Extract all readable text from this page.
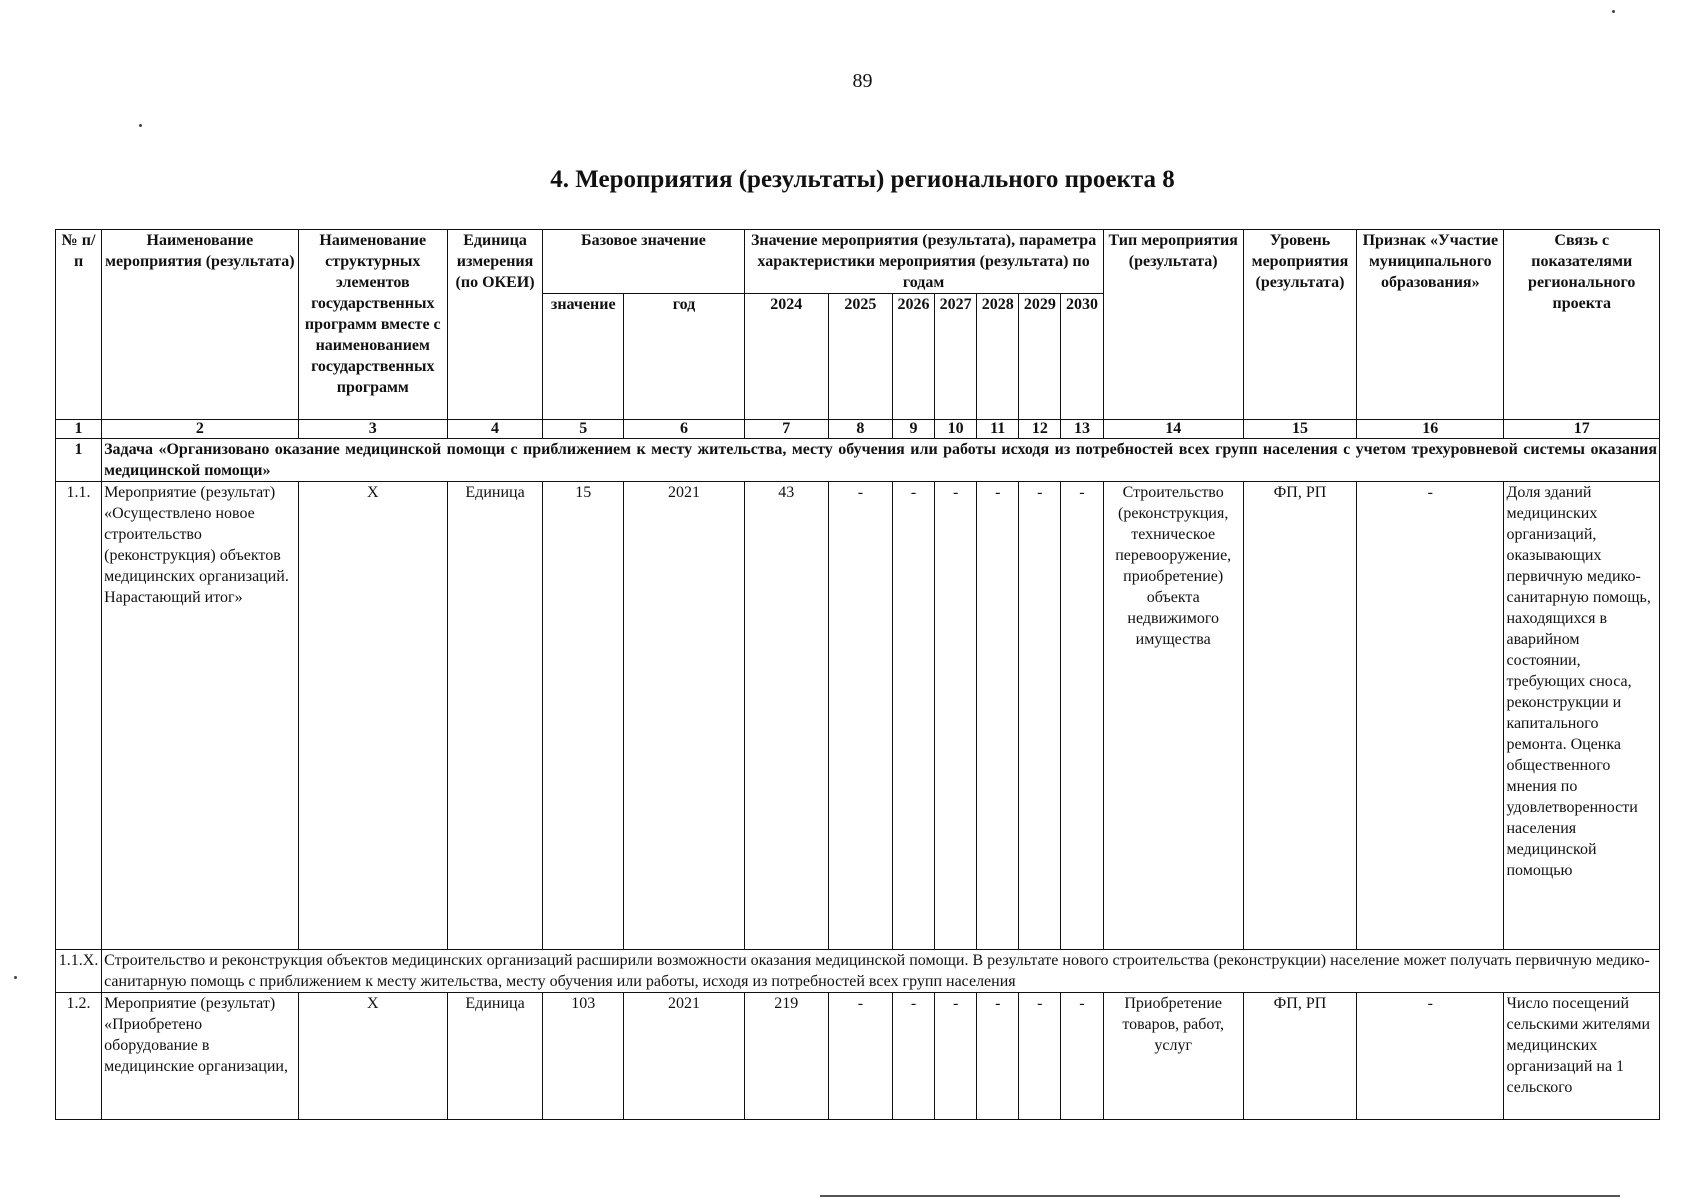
89
4. Мероприятия (результаты) регионального проекта 8
№ п/п	Наименование мероприятия (результата)	Наименование структурных элементов государственных программ вместе с наименованием государственных программ	Единица измерения (по ОКЕИ)	Базовое значение		Значение мероприятия (результата), параметра характеристики мероприятия (результата) по годам							Тип мероприятия (результата)	Уровень мероприятия (результата)	Признак «Участие муниципального образования»	Связь с показателями регионального проекта
				значение	год	2024	2025	2026	2027	2028	2029	2030				
1	2	3	4	5	6	7	8	9	10	11	12	13	14	15	16	17
1	Задача «Организовано оказание медицинской помощи с приближением к месту жительства, месту обучения или работы исходя из потребностей всех групп населения с учетом трехуровневой системы оказания медицинской помощи»															
1.1.	Мероприятие (результат) «Осуществлено новое строительство (реконструкция) объектов медицинских организаций. Нарастающий итог»	Х	Единица	15	2021	43	-	-	-	-	-	-	Строительство (реконструкция, техническое перевооружение, приобретение) объекта недвижимого имущества	ФП, РП	-	Доля зданий медицинских организаций, оказывающих первичную медико-санитарную помощь, находящихся в аварийном состоянии, требующих сноса, реконструкции и капитального ремонта. Оценка общественного мнения по удовлетворенности населения медицинской помощью
1.1.Х.	Строительство и реконструкция объектов медицинских организаций расширили возможности оказания медицинской помощи. В результате нового строительства (реконструкции) население может получать первичную медико-санитарную помощь с приближением к месту жительства, месту обучения или работы, исходя из потребностей всех групп населения															
1.2.	Мероприятие (результат) «Приобретено оборудование в медицинские организации,	Х	Единица	103	2021	219	-	-	-	-	-	-	Приобретение товаров, работ, услуг	ФП, РП	-	Число посещений сельскими жителями медицинских организаций на 1 сельского
